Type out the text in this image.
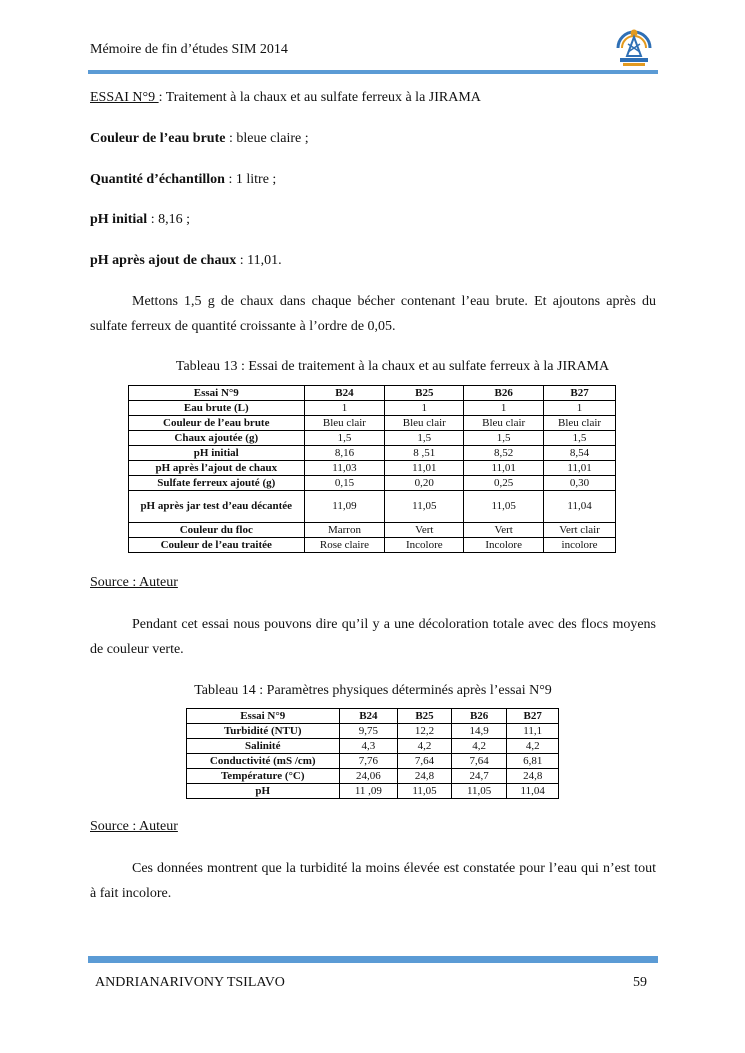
Mémoire de fin d’études SIM 2014
ESSAI N°9 : Traitement à la chaux et au sulfate ferreux à la JIRAMA
Couleur de l’eau brute : bleue claire ;
Quantité d’échantillon : 1 litre ;
pH initial : 8,16 ;
pH après ajout de chaux : 11,01.

Mettons 1,5 g de chaux dans chaque bécher contenant l’eau brute. Et ajoutons après du sulfate ferreux de quantité croissante à l’ordre de 0,05.

Tableau 13 : Essai de traitement à la chaux et au sulfate ferreux à la JIRAMA
Essai N°9	B24	B25	B26	B27
Eau brute (L)	1	1	1	1
Couleur de l’eau brute	Bleu clair	Bleu clair	Bleu clair	Bleu clair
Chaux ajoutée (g)	1,5	1,5	1,5	1,5
pH initial	8,16	8 ,51	8,52	8,54
pH après l’ajout de chaux	11,03	11,01	11,01	11,01
Sulfate ferreux ajouté (g)	0,15	0,20	0,25	0,30
pH après jar test d’eau décantée	11,09	11,05	11,05	11,04
Couleur du floc	Marron	Vert	Vert	Vert clair
Couleur de l’eau traitée	Rose claire	Incolore	Incolore	incolore
Source : Auteur

Pendant cet essai nous pouvons dire qu’il y a une décoloration totale avec des flocs moyens de couleur verte.

Tableau 14 : Paramètres physiques déterminés après l’essai N°9
Essai N°9	B24	B25	B26	B27
Turbidité (NTU)	9,75	12,2	14,9	11,1
Salinité	4,3	4,2	4,2	4,2
Conductivité (mS /cm)	7,76	7,64	7,64	6,81
Température (°C)	24,06	24,8	24,7	24,8
pH	11 ,09	11,05	11,05	11,04
Source : Auteur

Ces données montrent que la turbidité la moins élevée est constatée pour l’eau qui n’est tout à fait incolore.

ANDRIANARIVONY TSILAVO	59
